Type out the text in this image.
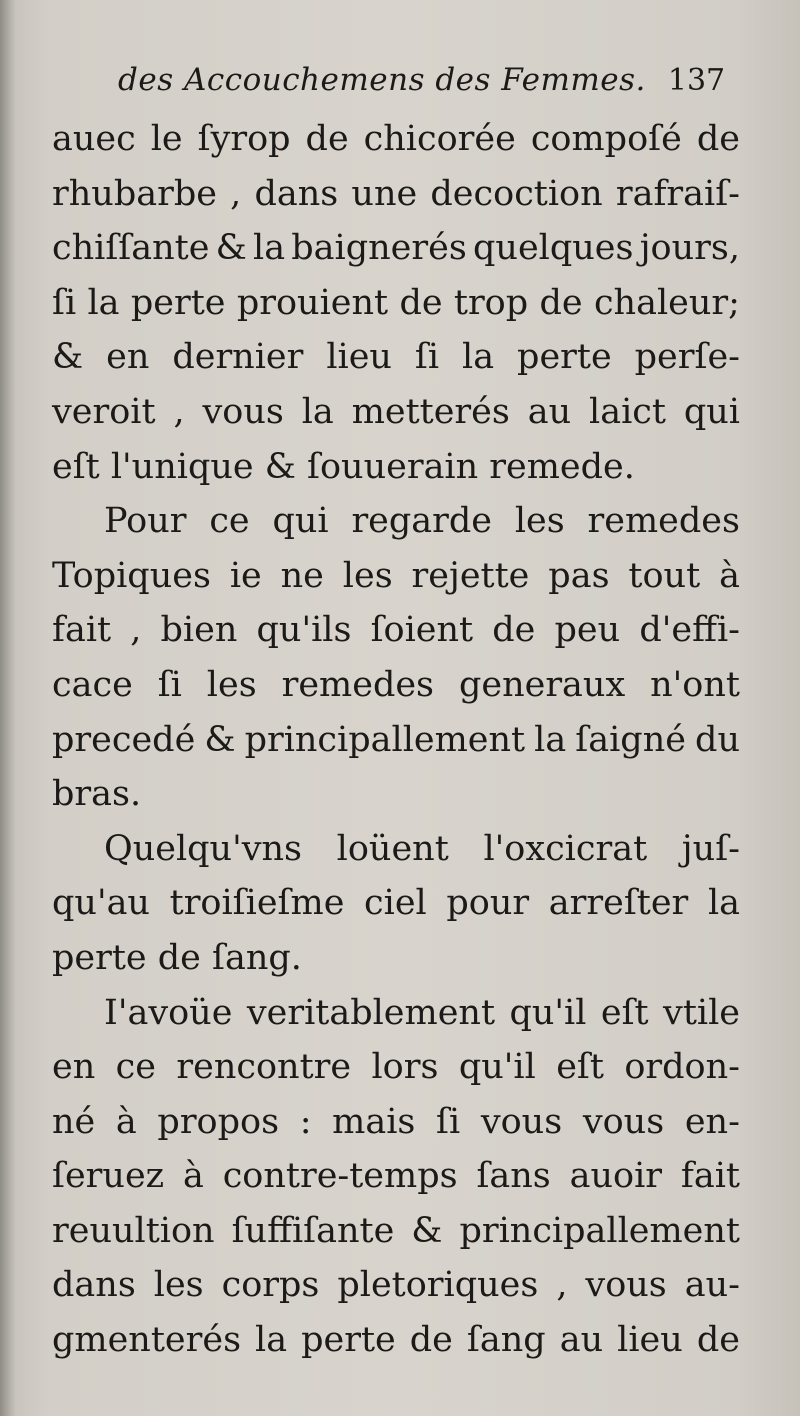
des Accouchemens des Femmes. 137
auec le ſyrop de chicorée compoſé de
rhubarbe , dans une decoction rafraiſ-
chiſſante & la baignerés quelques jours,
ſi la perte prouient de trop de chaleur;
& en dernier lieu ſi la perte perſe-
veroit , vous la metterés au laict qui
eſt l'unique & ſouuerain remede.
Pour ce qui regarde les remedes
Topiques ie ne les rejette pas tout à
fait , bien qu'ils ſoient de peu d'effi-
cace ſi les remedes generaux n'ont
precedé & principallement la ſaigné du
bras.
Quelqu'vns loüent l'oxcicrat juſ-
qu'au troiſieſme ciel pour arreſter la
perte de ſang.
I'avoüe veritablement qu'il eſt vtile
en ce rencontre lors qu'il eſt ordon-
né à propos : mais ſi vous vous en-
ſeruez à contre-temps ſans auoir fait
reuultion ſuffiſante & principallement
dans les corps pletoriques , vous au-
gmenterés la perte de ſang au lieu de
